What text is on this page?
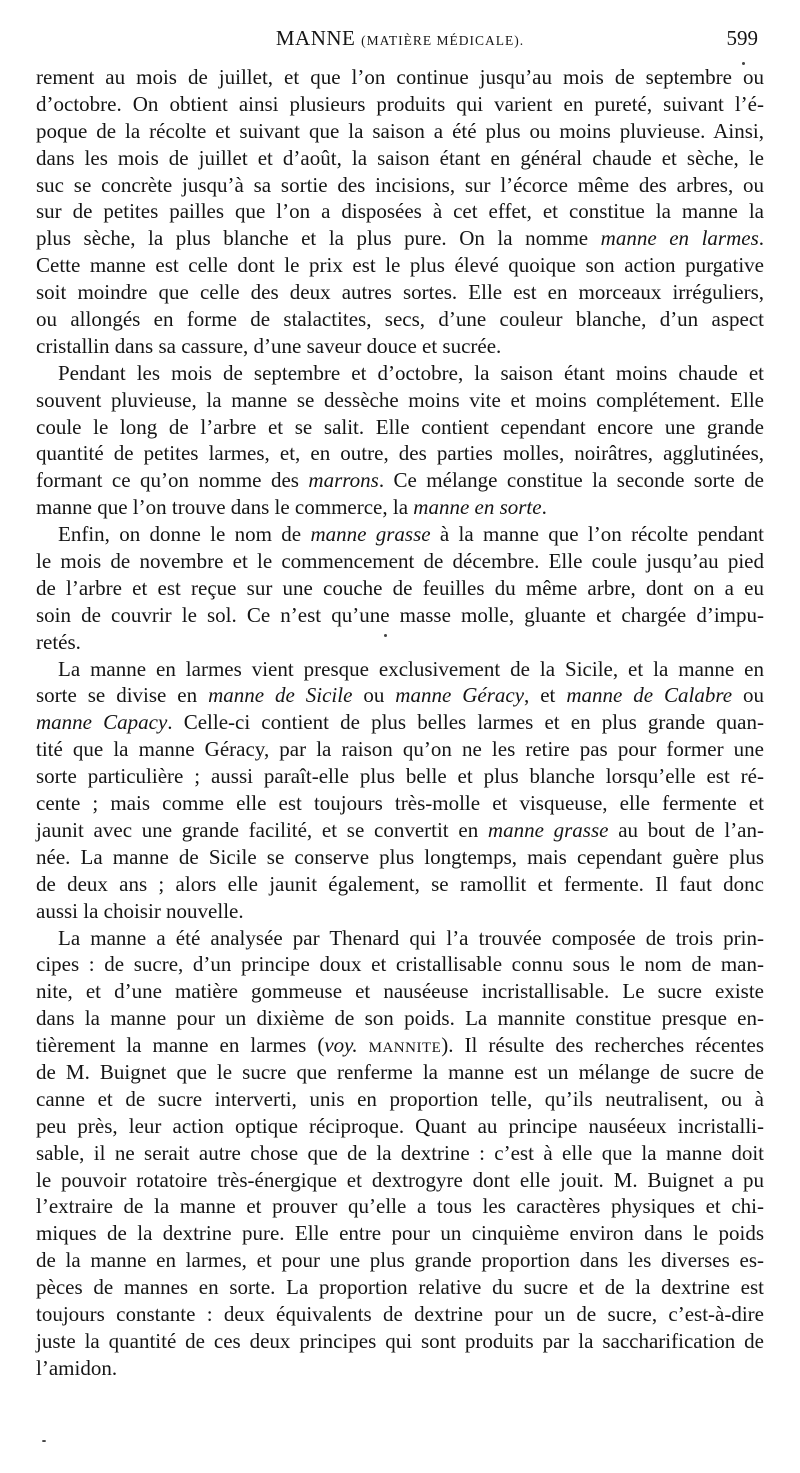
MANNE (MATIÈRE MÉDICALE).	599
rement au mois de juillet, et que l’on continue jusqu’au mois de septembre ou
d’octobre. On obtient ainsi plusieurs produits qui varient en pureté, suivant l’é-
poque de la récolte et suivant que la saison a été plus ou moins pluvieuse. Ainsi,
dans les mois de juillet et d’août, la saison étant en général chaude et sèche, le
suc se concrète jusqu’à sa sortie des incisions, sur l’écorce même des arbres, ou
sur de petites pailles que l’on a disposées à cet effet, et constitue la manne la
plus sèche, la plus blanche et la plus pure. On la nomme manne en larmes.
Cette manne est celle dont le prix est le plus élevé quoique son action purgative
soit moindre que celle des deux autres sortes. Elle est en morceaux irréguliers,
ou allongés en forme de stalactites, secs, d’une couleur blanche, d’un aspect
cristallin dans sa cassure, d’une saveur douce et sucrée.
Pendant les mois de septembre et d’octobre, la saison étant moins chaude et
souvent pluvieuse, la manne se dessèche moins vite et moins complétement. Elle
coule le long de l’arbre et se salit. Elle contient cependant encore une grande
quantité de petites larmes, et, en outre, des parties molles, noirâtres, agglutinées,
formant ce qu’on nomme des marrons. Ce mélange constitue la seconde sorte de
manne que l’on trouve dans le commerce, la manne en sorte.
Enfin, on donne le nom de manne grasse à la manne que l’on récolte pendant
le mois de novembre et le commencement de décembre. Elle coule jusqu’au pied
de l’arbre et est reçue sur une couche de feuilles du même arbre, dont on a eu
soin de couvrir le sol. Ce n’est qu’une masse molle, gluante et chargée d’impu-
retés.
La manne en larmes vient presque exclusivement de la Sicile, et la manne en
sorte se divise en manne de Sicile ou manne Géracy, et manne de Calabre ou
manne Capacy. Celle-ci contient de plus belles larmes et en plus grande quan-
tité que la manne Géracy, par la raison qu’on ne les retire pas pour former une
sorte particulière ; aussi paraît-elle plus belle et plus blanche lorsqu’elle est ré-
cente ; mais comme elle est toujours très-molle et visqueuse, elle fermente et
jaunit avec une grande facilité, et se convertit en manne grasse au bout de l’an-
née. La manne de Sicile se conserve plus longtemps, mais cependant guère plus
de deux ans ; alors elle jaunit également, se ramollit et fermente. Il faut donc
aussi la choisir nouvelle.
La manne a été analysée par Thenard qui l’a trouvée composée de trois prin-
cipes : de sucre, d’un principe doux et cristallisable connu sous le nom de man-
nite, et d’une matière gommeuse et nauséeuse incristallisable. Le sucre existe
dans la manne pour un dixième de son poids. La mannite constitue presque en-
tièrement la manne en larmes (voy. MANNITE). Il résulte des recherches récentes
de M. Buignet que le sucre que renferme la manne est un mélange de sucre de
canne et de sucre interverti, unis en proportion telle, qu’ils neutralisent, ou à
peu près, leur action optique réciproque. Quant au principe nauséeux incristalli-
sable, il ne serait autre chose que de la dextrine : c’est à elle que la manne doit
le pouvoir rotatoire très-énergique et dextrogyre dont elle jouit. M. Buignet a pu
l’extraire de la manne et prouver qu’elle a tous les caractères physiques et chi-
miques de la dextrine pure. Elle entre pour un cinquième environ dans le poids
de la manne en larmes, et pour une plus grande proportion dans les diverses es-
pèces de mannes en sorte. La proportion relative du sucre et de la dextrine est
toujours constante : deux équivalents de dextrine pour un de sucre, c’est-à-dire
juste la quantité de ces deux principes qui sont produits par la saccharification de
l’amidon.
